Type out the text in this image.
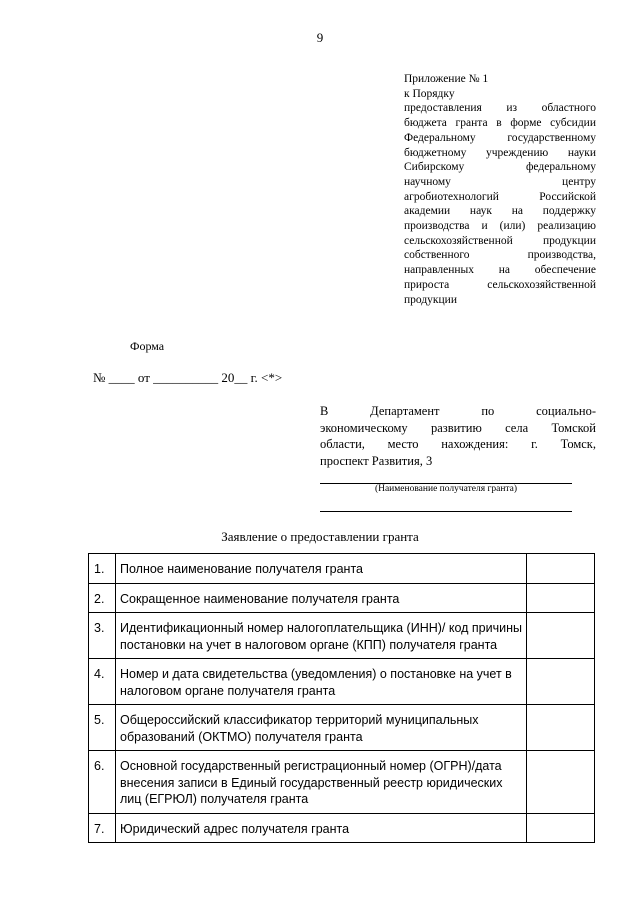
9
Приложение № 1
к Порядку
предоставления из областного
бюджета гранта в форме субсидии
Федеральному государственному
бюджетному учреждению науки
Сибирскому федеральному
научному центру
агробиотехнологий Российской
академии наук на поддержку
производства и (или) реализацию
сельскохозяйственной продукции
собственного производства,
направленных на обеспечение
прироста сельскохозяйственной
продукции
Форма
№ ____ от __________ 20__ г. <*>
В Департамент по социально-
экономическому развитию села Томской
области, место нахождения: г. Томск,
проспект Развития, 3
(Наименование получателя гранта)
Заявление о предоставлении гранта
1.	Полное наименование получателя гранта	
2.	Сокращенное наименование получателя гранта	
3.	Идентификационный номер налогоплательщика (ИНН)/ код причины постановки на учет в налоговом органе (КПП) получателя гранта	
4.	Номер и дата свидетельства (уведомления) о постановке на учет в налоговом органе получателя гранта	
5.	Общероссийский классификатор территорий муниципальных образований (ОКТМО) получателя гранта	
6.	Основной государственный регистрационный номер (ОГРН)/дата внесения записи в Единый государственный реестр юридических лиц (ЕГРЮЛ) получателя гранта	
7.	Юридический адрес получателя гранта	
